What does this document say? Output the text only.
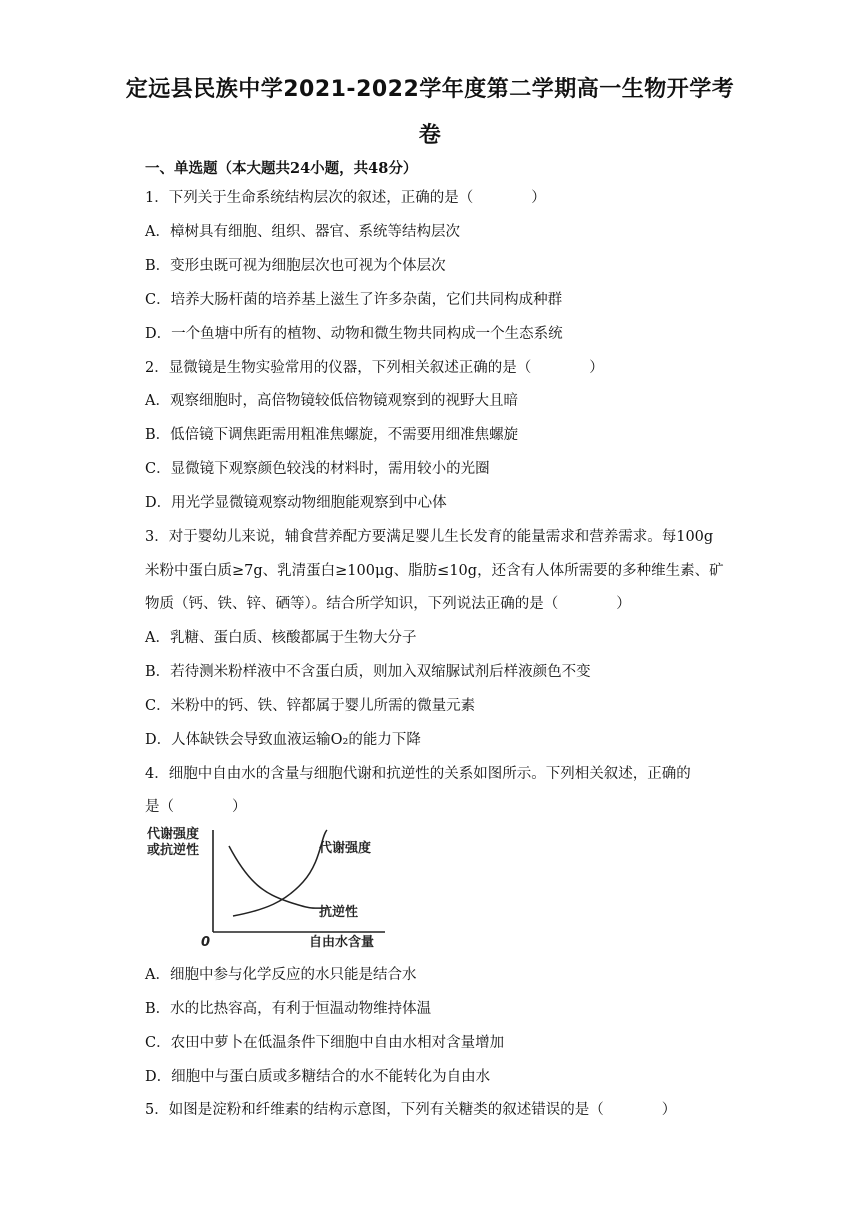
定远县民族中学2021-2022学年度第二学期高一生物开学考
卷
一、单选题（本大题共24小题，共48分）
1．下列关于生命系统结构层次的叙述，正确的是（　　　　）
A．樟树具有细胞、组织、器官、系统等结构层次
B．变形虫既可视为细胞层次也可视为个体层次
C．培养大肠杆菌的培养基上滋生了许多杂菌，它们共同构成种群
D．一个鱼塘中所有的植物、动物和微生物共同构成一个生态系统
2．显微镜是生物实验常用的仪器，下列相关叙述正确的是（　　　　）
A．观察细胞时，高倍物镜较低倍物镜观察到的视野大且暗
B．低倍镜下调焦距需用粗准焦螺旋，不需要用细准焦螺旋
C．显微镜下观察颜色较浅的材料时，需用较小的光圈
D．用光学显微镜观察动物细胞能观察到中心体
3．对于婴幼儿来说，辅食营养配方要满足婴儿生长发育的能量需求和营养需求。每100g
米粉中蛋白质≥7g、乳清蛋白≥100μg、脂肪≤10g，还含有人体所需要的多种维生素、矿
物质（钙、铁、锌、硒等）。结合所学知识，下列说法正确的是（　　　　）
A．乳糖、蛋白质、核酸都属于生物大分子
B．若待测米粉样液中不含蛋白质，则加入双缩脲试剂后样液颜色不变
C．米粉中的钙、铁、锌都属于婴儿所需的微量元素
D．人体缺铁会导致血液运输O₂的能力下降
4．细胞中自由水的含量与细胞代谢和抗逆性的关系如图所示。下列相关叙述，正确的
是（　　　　）
代谢强度
或抗逆性	代谢强度
抗逆性
0	自由水含量
A．细胞中参与化学反应的水只能是结合水
B．水的比热容高，有利于恒温动物维持体温
C．农田中萝卜在低温条件下细胞中自由水相对含量增加
D．细胞中与蛋白质或多糖结合的水不能转化为自由水
5．如图是淀粉和纤维素的结构示意图，下列有关糖类的叙述错误的是（　　　　）
